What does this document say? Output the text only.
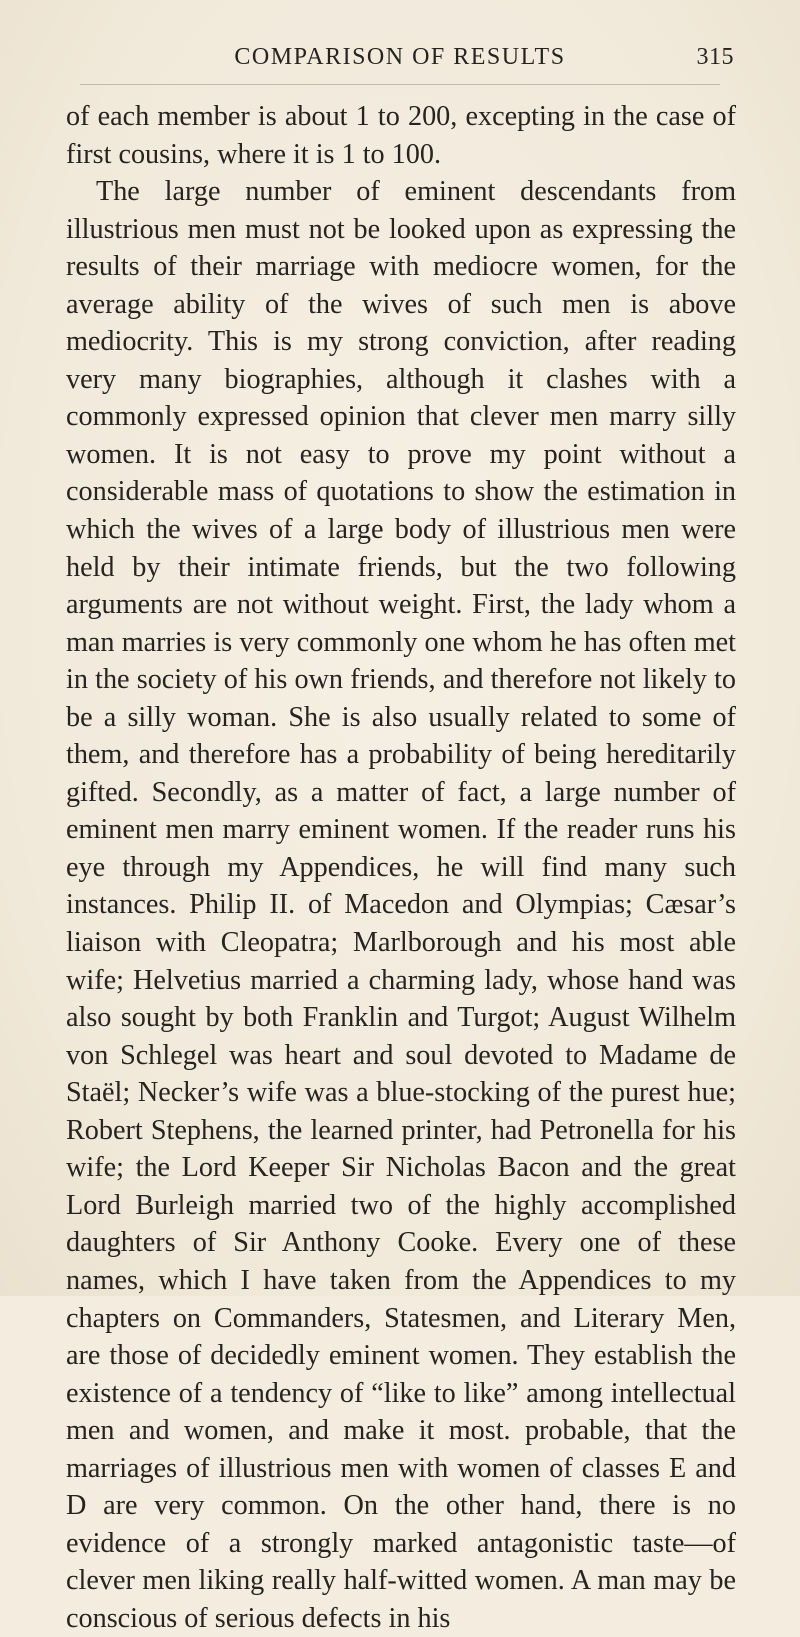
COMPARISON OF RESULTS	315

of each member is about 1 to 200, excepting in the case of first cousins, where it is 1 to 100.

The large number of eminent descendants from illustrious men must not be looked upon as expressing the results of their marriage with mediocre women, for the average ability of the wives of such men is above mediocrity. This is my strong conviction, after reading very many biographies, although it clashes with a commonly expressed opinion that clever men marry silly women. It is not easy to prove my point without a considerable mass of quotations to show the estimation in which the wives of a large body of illustrious men were held by their intimate friends, but the two following arguments are not without weight. First, the lady whom a man marries is very commonly one whom he has often met in the society of his own friends, and therefore not likely to be a silly woman. She is also usually related to some of them, and therefore has a probability of being hereditarily gifted. Secondly, as a matter of fact, a large number of eminent men marry eminent women. If the reader runs his eye through my Appendices, he will find many such instances. Philip II. of Macedon and Olympias; Cæsar’s liaison with Cleopatra; Marlborough and his most able wife; Helvetius married a charming lady, whose hand was also sought by both Franklin and Turgot; August Wilhelm von Schlegel was heart and soul devoted to Madame de Staël; Necker’s wife was a blue-stocking of the purest hue; Robert Stephens, the learned printer, had Petronella for his wife; the Lord Keeper Sir Nicholas Bacon and the great Lord Burleigh married two of the highly accomplished daughters of Sir Anthony Cooke. Every one of these names, which I have taken from the Appendices to my chapters on Commanders, Statesmen, and Literary Men, are those of decidedly eminent women. They establish the existence of a tendency of “like to like” among intellectual men and women, and make it most. probable, that the marriages of illustrious men with women of classes E and D are very common. On the other hand, there is no evidence of a strongly marked antagonistic taste—of clever men liking really half-witted women. A man may be conscious of serious defects in his
